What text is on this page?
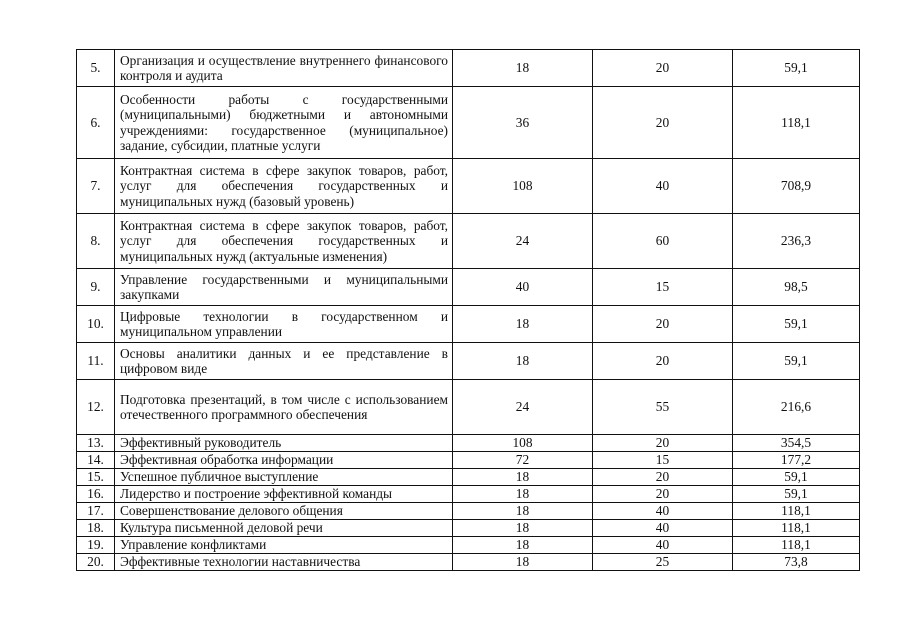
5.	Организация и осуществление внутреннего финансового контроля и аудита	18	20	59,1
6.	Особенности работы с государственными (муниципальными) бюджетными и автономными учреждениями: государственное (муниципальное) задание, субсидии, платные услуги	36	20	118,1
7.	Контрактная система в сфере закупок товаров, работ, услуг для обеспечения государственных и муниципальных нужд (базовый уровень)	108	40	708,9
8.	Контрактная система в сфере закупок товаров, работ, услуг для обеспечения государственных и муниципальных нужд (актуальные изменения)	24	60	236,3
9.	Управление государственными и муниципальными закупками	40	15	98,5
10.	Цифровые технологии в государственном и муниципальном управлении	18	20	59,1
11.	Основы аналитики данных и ее представление в цифровом виде	18	20	59,1
12.	Подготовка презентаций, в том числе с использованием отечественного программного обеспечения	24	55	216,6
13.	Эффективный руководитель	108	20	354,5
14.	Эффективная обработка информации	72	15	177,2
15.	Успешное публичное выступление	18	20	59,1
16.	Лидерство и построение эффективной команды	18	20	59,1
17.	Совершенствование делового общения	18	40	118,1
18.	Культура письменной деловой речи	18	40	118,1
19.	Управление конфликтами	18	40	118,1
20.	Эффективные технологии наставничества	18	25	73,8
